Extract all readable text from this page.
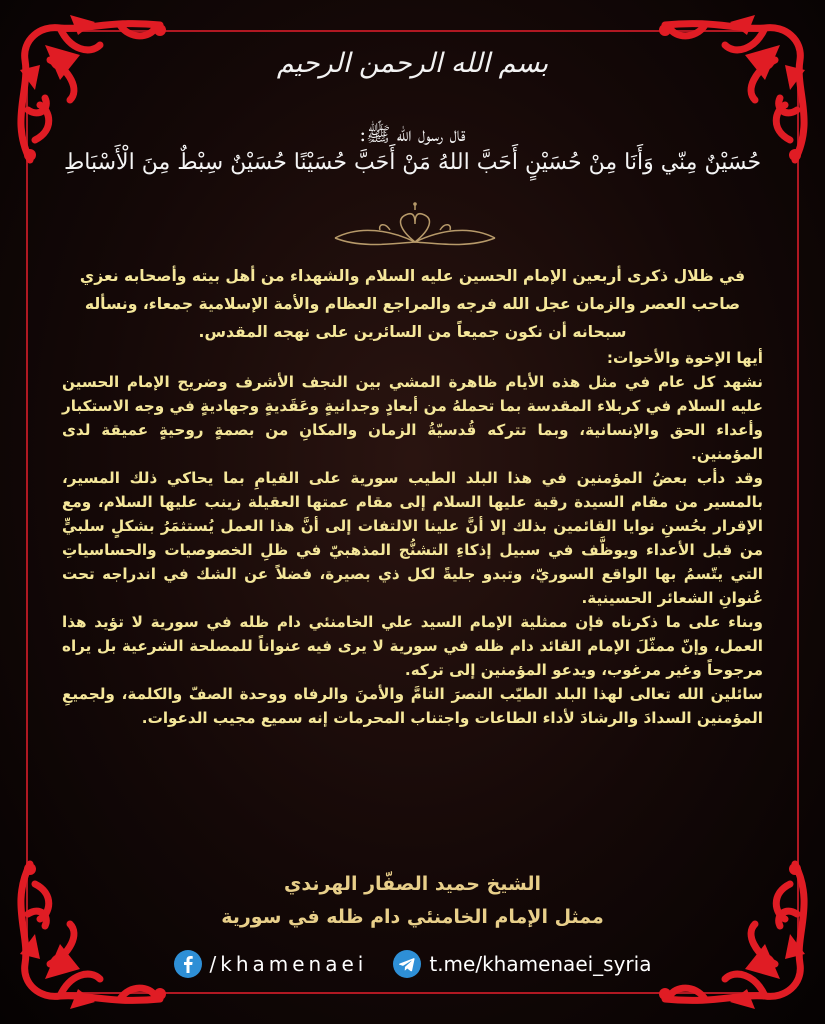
بسم الله الرحمن الرحيم
قال رسول الله ﷺ:
حُسَيْنٌ مِنّي وَأَنَا مِنْ حُسَيْنٍ أَحَبَّ اللهُ مَنْ أَحَبَّ حُسَيْنًا حُسَيْنٌ سِبْطٌ مِنَ الْأَسْبَاطِ

في ظلال ذكرى أربعين الإمام الحسين عليه السلام والشهداء من أهل بيته وأصحابه نعزي صاحب العصر والزمان عجل الله فرجه والمراجع العظام والأمة الإسلامية جمعاء، ونسأله سبحانه أن نكون جميعاً من السائرين على نهجه المقدس.

أيها الإخوة والأخوات:

نشهد كل عام في مثل هذه الأيام ظاهرة المشي بين النجف الأشرف وضريح الإمام الحسين عليه السلام في كربلاء المقدسة بما تحملهُ من أبعادٍ وجدانيةٍ وعَقَديةٍ وجهاديةٍ في وجه الاستكبار وأعداء الحق والإنسانية، وبما تتركه قُدسيّةُ الزمان والمكانِ من بصمةٍ روحيةٍ عميقة لدى المؤمنين.

وقد دأب بعضُ المؤمنين في هذا البلد الطيب سورية على القيامِ بما يحاكي ذلك المسير، بالمسير من مقام السيدة رقية عليها السلام إلى مقام عمتها العقيلة زينب عليها السلام، ومع الإقرار بحُسنِ نوايا القائمين بذلك إلا أنَّ علينا الالتفات إلى أنَّ هذا العمل يُستثمَرُ بشكلٍ سلبيٍّ من قبل الأعداء ويوظَّف في سبيل إذكاءِ التشنُّج المذهبيّ في ظلِ الخصوصيات والحساسياتِ التي يتّسمُ بها الواقع السوريّ، وتبدو جليةً لكل ذي بصيرة، فضلاً عن الشك في اندراجه تحت عُنوانِ الشعائر الحسينية.

وبناء على ما ذكرناه فإن ممثلية الإمام السيد علي الخامنئي دام ظله في سورية لا تؤيد هذا العمل، وإنّ ممثّلَ الإمام القائد دام ظله في سورية لا يرى فيه عنواناً للمصلحة الشرعية بل يراه مرجوحاً وغير مرغوب، ويدعو المؤمنين إلى تركه.

سائلين الله تعالى لهذا البلد الطيّب النصرَ التامَّ والأمنَ والرفاه ووحدة الصفّ والكلمة، ولجميعِ المؤمنين السدادَ والرشادَ لأداء الطاعات واجتناب المحرمات إنه سميع مجيب الدعوات.

الشيخ حميد الصفّار الهرندي
ممثل الإمام الخامنئي دام ظله في سورية
/khamenaei	t.me/khamenaei_syria
